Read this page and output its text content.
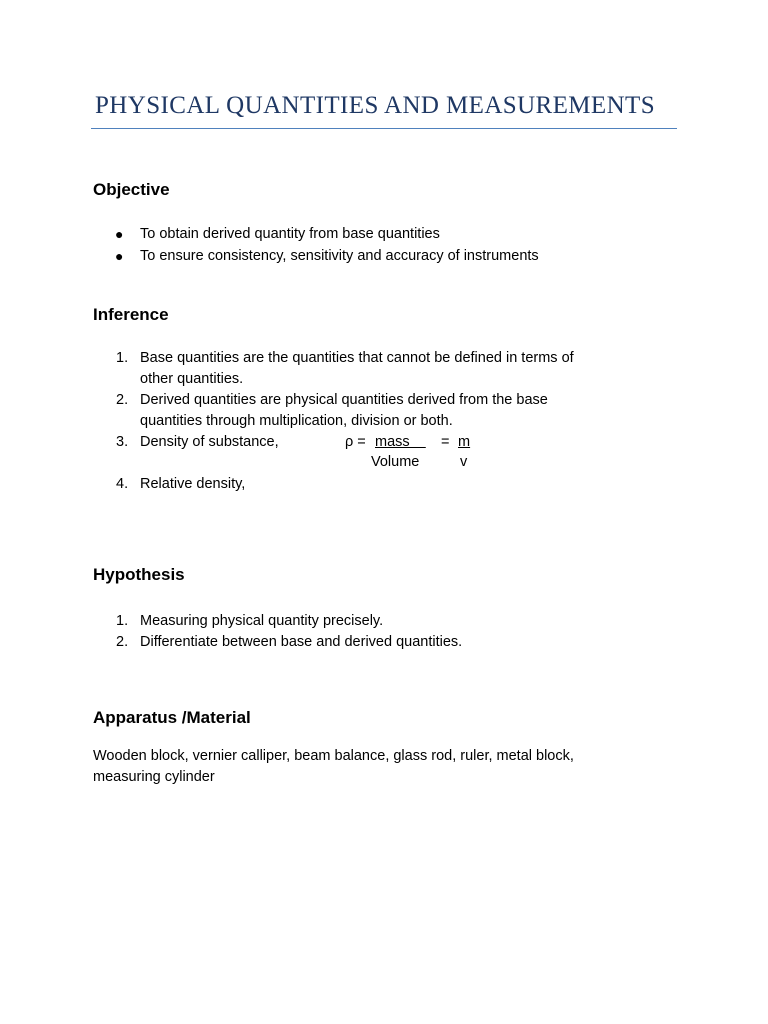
PHYSICAL QUANTITIES AND MEASUREMENTS
Objective
● To obtain derived quantity from base quantities
● To ensure consistency, sensitivity and accuracy of instruments
Inference
1. Base quantities are the quantities that cannot be defined in terms of
other quantities.
2. Derived quantities are physical quantities derived from the base
quantities through multiplication, division or both.
3. Density of substance,	ρ = mass = m
Volume	v
4. Relative density,
Hypothesis
1. Measuring physical quantity precisely.
2. Differentiate between base and derived quantities.
Apparatus /Material
Wooden block, vernier calliper, beam balance, glass rod, ruler, metal block,
measuring cylinder
